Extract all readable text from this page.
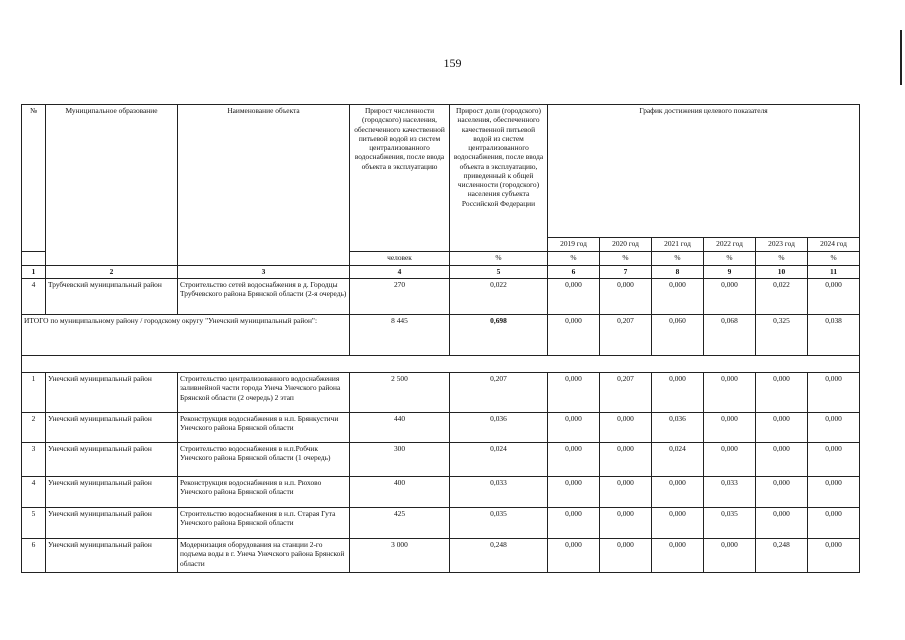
159
№	Муниципальное образование	Наименование объекта	Прирост численности (городского) населения, обеспеченного качественной питьевой водой из систем централизованного водоснабжения, после ввода объекта в эксплуатацию	Прирост доли (городского) населения, обеспеченного качественной питьевой водой из систем централизованного водоснабжения, после ввода объекта в эксплуатацию, приведенный к общей численности (городского) населения субъекта Российской Федерации	График достижения целевого показателя					
					2019 год	2020 год	2021 год	2022 год	2023 год	2024 год
			человек	%	%	%	%	%	%	%
1	2	3	4	5	6	7	8	9	10	11
4	Трубчевский муниципальный район	Строительство сетей водоснабжения в д. Городцы Трубчевского района Брянской области (2-я очередь)	270	0,022	0,000	0,000	0,000	0,000	0,022	0,000
ИТОГО по муниципальному району / городскому округу "Унечский муниципальный район":			8 445	0,698	0,000	0,207	0,060	0,068	0,325	0,038

1	Унечский муниципальный район	Строительство централизованного водоснабжения заливнейной части города Унеча Унечского района Брянской области (2 очередь) 2 этап	2 500	0,207	0,000	0,207	0,000	0,000	0,000	0,000
2	Унечский муниципальный район	Реконструкция водоснабжения в н.п. Брянкустичи Унечского района Брянской области	440	0,036	0,000	0,000	0,036	0,000	0,000	0,000
3	Унечский муниципальный район	Строительство водоснабжения в н.п.Робчик Унечского района Брянской области (1 очередь)	300	0,024	0,000	0,000	0,024	0,000	0,000	0,000
4	Унечский муниципальный район	Реконструкция водоснабжения в н.п. Рюхово Унечского района Брянской области	400	0,033	0,000	0,000	0,000	0,033	0,000	0,000
5	Унечский муниципальный район	Строительство водоснабжения в н.п. Старая Гута Унечского района Брянской области	425	0,035	0,000	0,000	0,000	0,035	0,000	0,000
6	Унечский муниципальный район	Модернизация оборудования на станции 2-го подъема воды в г. Унеча Унечского района Брянской области	3 000	0,248	0,000	0,000	0,000	0,000	0,248	0,000
